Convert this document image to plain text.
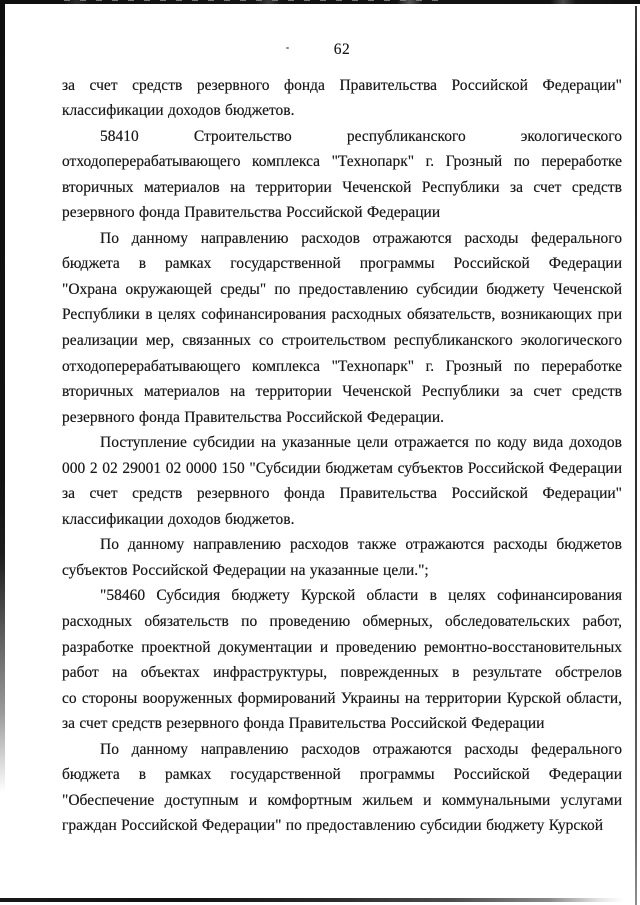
62
за счет средств резервного фонда Правительства Российской Федерации"
классификации доходов бюджетов.
58410 Строительство республиканского экологического
отходоперерабатывающего комплекса "Технопарк" г. Грозный по переработке
вторичных материалов на территории Чеченской Республики за счет средств
резервного фонда Правительства Российской Федерации
По данному направлению расходов отражаются расходы федерального
бюджета в рамках государственной программы Российской Федерации
"Охрана окружающей среды" по предоставлению субсидии бюджету Чеченской
Республики в целях софинансирования расходных обязательств, возникающих при
реализации мер, связанных со строительством республиканского экологического
отходоперерабатывающего комплекса "Технопарк" г. Грозный по переработке
вторичных материалов на территории Чеченской Республики за счет средств
резервного фонда Правительства Российской Федерации.
Поступление субсидии на указанные цели отражается по коду вида доходов
000 2 02 29001 02 0000 150 "Субсидии бюджетам субъектов Российской Федерации
за счет средств резервного фонда Правительства Российской Федерации"
классификации доходов бюджетов.
По данному направлению расходов также отражаются расходы бюджетов
субъектов Российской Федерации на указанные цели.";
"58460 Субсидия бюджету Курской области в целях софинансирования
расходных обязательств по проведению обмерных, обследовательских работ,
разработке проектной документации и проведению ремонтно-восстановительных
работ на объектах инфраструктуры, поврежденных в результате обстрелов
со стороны вооруженных формирований Украины на территории Курской области,
за счет средств резервного фонда Правительства Российской Федерации
По данному направлению расходов отражаются расходы федерального
бюджета в рамках государственной программы Российской Федерации
"Обеспечение доступным и комфортным жильем и коммунальными услугами
граждан Российской Федерации" по предоставлению субсидии бюджету Курской
